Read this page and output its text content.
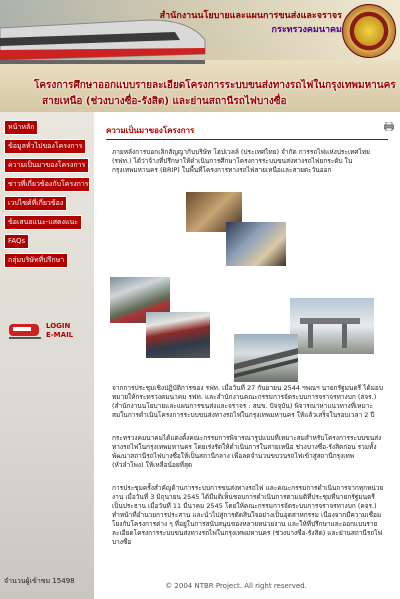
สำนักงานนโยบายและแผนการขนส่งและจราจร
กระทรวงคมนาคม
โครงการศึกษาออกแบบรายละเอียดโครงการระบบขนส่งทางรถไฟในกรุงเทพมหานคร
สายเหนือ (ช่วงบางซื่อ-รังสิต) และย่านสถานีรถไฟบางซื่อ
หน้าหลัก
ข้อมูลทั่วไปของโครงการ
ความเป็นมาของโครงการ
ข่าวที่เกี่ยวข้องกับโครงการ
เวปไซด์ที่เกี่ยวข้อง
ข้อเสนอแนะ-แสดงแนะ
FAQs
กลุ่มบริษัทที่ปรึกษา
LOGIN
E-MAIL
จำนวนผู้เข้าชม 15498
ความเป็นมาของโครงการ
ภายหลังการบอกเลิกสัญญากับบริษัท โฮปเวลล์ (ประเทศไทย) จำกัด การรถไฟแห่งประเทศไทย (รฟท.) ได้ว่าจ้างที่ปรึกษาให้ดำเนินการศึกษาโครงการระบบขนส่งทางรถไฟยกระดับ ในกรุงเทพมหานคร (BRIP) ในพื้นที่โครงการทางรถไฟสายเหนือและสายตะวันออก
จากการประชุมเชิงปฏิบัติการของ รฟท. เมื่อวันที่ 27 กันยายน 2544 ฯพณฯ นายกรัฐมนตรี ได้มอบหมายให้กระทรวงคมนาคม รฟท. และสำนักงานคณะกรรมการจัดระบบการจราจรทางบก (สจร.) (สำนักงานนโยบายและแผนการขนส่งและจราจร : สนข. ปัจจุบัน) พิจารณาหาแนวทางที่เหมาะสมในการดำเนินโครงการระบบขนส่งทางรถไฟในกรุงเทพมหานคร ให้แล้วเสร็จในรอบเวลา 2 ปี
กระทรวงคมนาคมได้แต่งตั้งคณะกรรมการพิจารณารูปแบบที่เหมาะสมสำหรับโครงการระบบขนส่งทางรถไฟในกรุงเทพมหานคร โดยเร่งรัดให้ดำเนินการในสายเหนือ ช่วงบางซื่อ-รังสิตก่อน รวมทั้งพัฒนาสถานีรถไฟบางซื่อให้เป็นสถานีกลาง เพื่อลดจำนวนขบวนรถไฟเข้าสู่สถานีกรุงเทพ (หัวลำโพง) ให้เหลือน้อยที่สุด
การประชุมครั้งสำคัญด้านการระบบการขนส่งทางรถไฟ และคณะกรรมการดำเนินการจากทุกหน่วยงาน เมื่อวันที่ 3 มิถุนายน 2545 ได้มีมติเห็นชอบการดำเนินการตามมติที่ประชุมที่นายกรัฐมนตรี เป็นประธาน เมื่อวันที่ 11 มีนาคม 2545 โดยให้คณะกรรมการจัดระบบการจราจรทางบก (คจร.) ทำหน้าที่อำนวยการประสาน และนำไปสู่การตัดสินใจอย่างเป็นอุตสาหกรรม เนื่องจากมีความเชื่อมโยงกับโครงการต่าง ๆ ที่อยู่ในการสนับสนุนของหลายหน่วยงาน และให้ที่ปรึกษาและออกแบบรายละเอียดโครงการระบบขนส่งทางรถไฟในกรุงเทพมหานคร (ช่วงบางซื่อ-รังสิต) และย่านสถานีรถไฟบางซื่อ
© 2004 NTBR Project. All right reserved.
